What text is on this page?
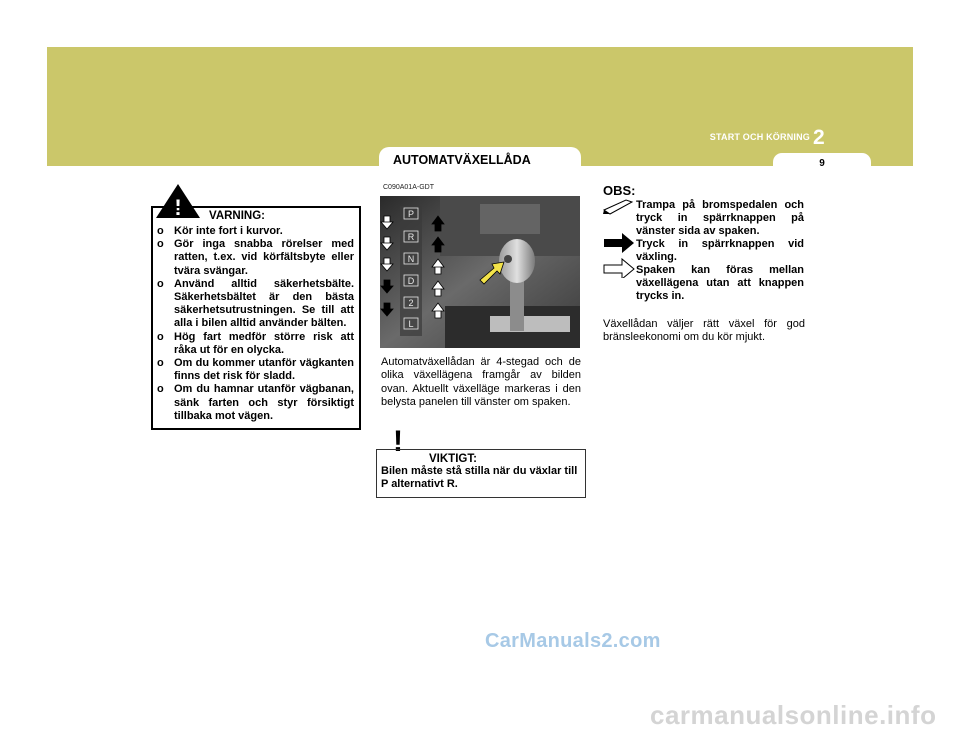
2
START OCH KÖRNING
AUTOMATVÄXELLÅDA	9
! VARNING:
o Kör inte fort i kurvor.
o Gör inga snabba rörelser med ratten, t.ex. vid körfältsbyte eller tvära svängar.
o Använd alltid säkerhetsbälte. Säkerhetsbältet är den bästa säkerhetsutrustningen. Se till att alla i bilen alltid använder bälten.
o Hög fart medför större risk att råka ut för en olycka.
o Om du kommer utanför vägkanten finns det risk för sladd.
o Om du hamnar utanför vägbanan, sänk farten och styr försiktigt tillbaka mot vägen.
C090A01A-GDT
P
R
N
D
2
L
Automatväxellådan är 4-stegad och de olika växellägena framgår av bilden ovan. Aktuellt växelläge markeras i den belysta panelen till vänster om spaken.
!
VIKTIGT:
Bilen måste stå stilla när du växlar till P alternativt R.
OBS:
Trampa på bromspedalen och tryck in spärrknappen på vänster sida av spaken.
Tryck in spärrknappen vid växling.
Spaken kan föras mellan växellägena utan att knappen trycks in.
Växellådan väljer rätt växel för god bränsleekonomi om du kör mjukt.
CarManuals2.com
carmanualsonline.info
